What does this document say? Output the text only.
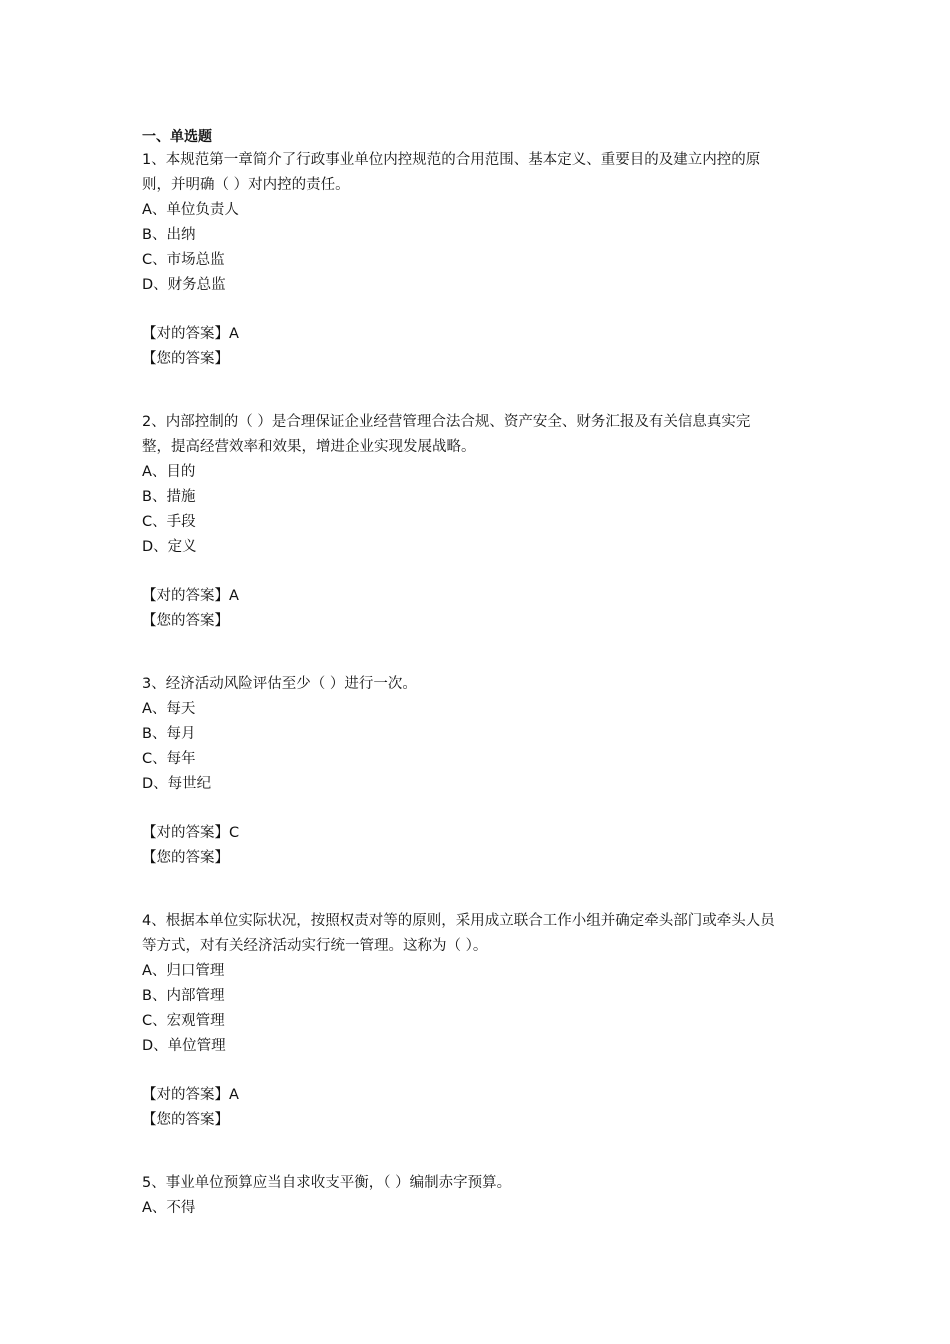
一、单选题
1、本规范第一章简介了行政事业单位内控规范的合用范围、基本定义、重要目的及建立内控的原
则，并明确（ ）对内控的责任。
A、单位负责人
B、出纳
C、市场总监
D、财务总监
【对的答案】A
【您的答案】
2、内部控制的（ ）是合理保证企业经营管理合法合规、资产安全、财务汇报及有关信息真实完
整，提高经营效率和效果，增进企业实现发展战略。
A、目的
B、措施
C、手段
D、定义
【对的答案】A
【您的答案】
3、经济活动风险评估至少（ ）进行一次。
A、每天
B、每月
C、每年
D、每世纪
【对的答案】C
【您的答案】
4、根据本单位实际状况，按照权责对等的原则，采用成立联合工作小组并确定牵头部门或牵头人员
等方式，对有关经济活动实行统一管理。这称为（ ）。
A、归口管理
B、内部管理
C、宏观管理
D、单位管理
【对的答案】A
【您的答案】
5、事业单位预算应当自求收支平衡，（ ）编制赤字预算。
A、不得
